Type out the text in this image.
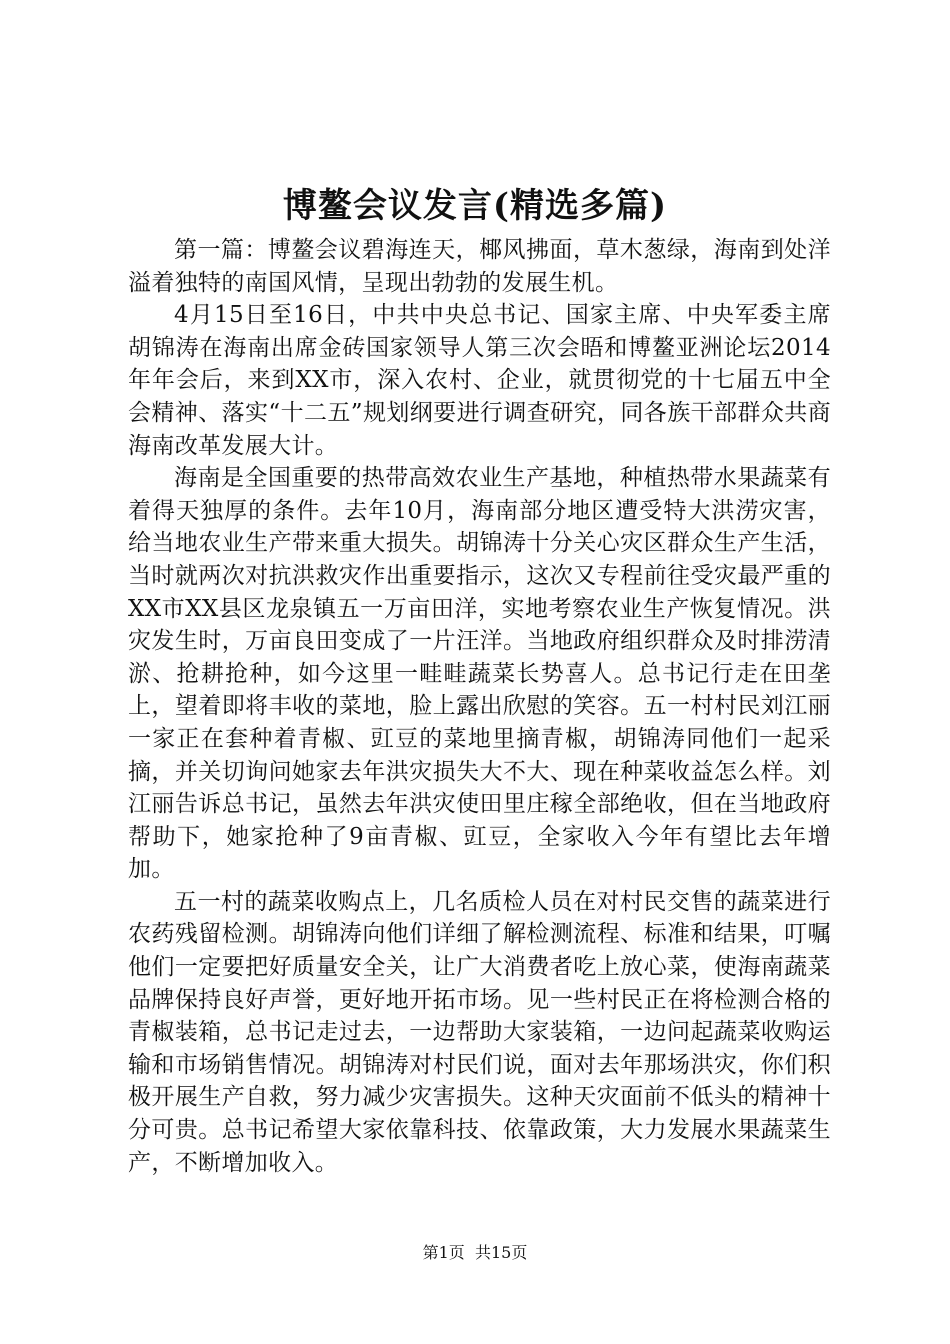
博鳌会议发言(精选多篇)

第一篇：博鳌会议碧海连天，椰风拂面，草木葱绿，海南到处洋溢着独特的南国风情，呈现出勃勃的发展生机。

4月15日至16日，中共中央总书记、国家主席、中央军委主席胡锦涛在海南出席金砖国家领导人第三次会晤和博鳌亚洲论坛2014年年会后，来到XX市，深入农村、企业，就贯彻党的十七届五中全会精神、落实“十二五”规划纲要进行调查研究，同各族干部群众共商海南改革发展大计。

海南是全国重要的热带高效农业生产基地，种植热带水果蔬菜有着得天独厚的条件。去年10月，海南部分地区遭受特大洪涝灾害，给当地农业生产带来重大损失。胡锦涛十分关心灾区群众生产生活，当时就两次对抗洪救灾作出重要指示，这次又专程前往受灾最严重的XX市XX县区龙泉镇五一万亩田洋，实地考察农业生产恢复情况。洪灾发生时，万亩良田变成了一片汪洋。当地政府组织群众及时排涝清淤、抢耕抢种，如今这里一畦畦蔬菜长势喜人。总书记行走在田垄上，望着即将丰收的菜地，脸上露出欣慰的笑容。五一村村民刘江丽一家正在套种着青椒、豇豆的菜地里摘青椒，胡锦涛同他们一起采摘，并关切询问她家去年洪灾损失大不大、现在种菜收益怎么样。刘江丽告诉总书记，虽然去年洪灾使田里庄稼全部绝收，但在当地政府帮助下，她家抢种了9亩青椒、豇豆，全家收入今年有望比去年增加。

五一村的蔬菜收购点上，几名质检人员在对村民交售的蔬菜进行农药残留检测。胡锦涛向他们详细了解检测流程、标准和结果，叮嘱他们一定要把好质量安全关，让广大消费者吃上放心菜，使海南蔬菜品牌保持良好声誉，更好地开拓市场。见一些村民正在将检测合格的青椒装箱，总书记走过去，一边帮助大家装箱，一边问起蔬菜收购运输和市场销售情况。胡锦涛对村民们说，面对去年那场洪灾，你们积极开展生产自救，努力减少灾害损失。这种天灾面前不低头的精神十分可贵。总书记希望大家依靠科技、依靠政策，大力发展水果蔬菜生产，不断增加收入。

第1页 共15页
